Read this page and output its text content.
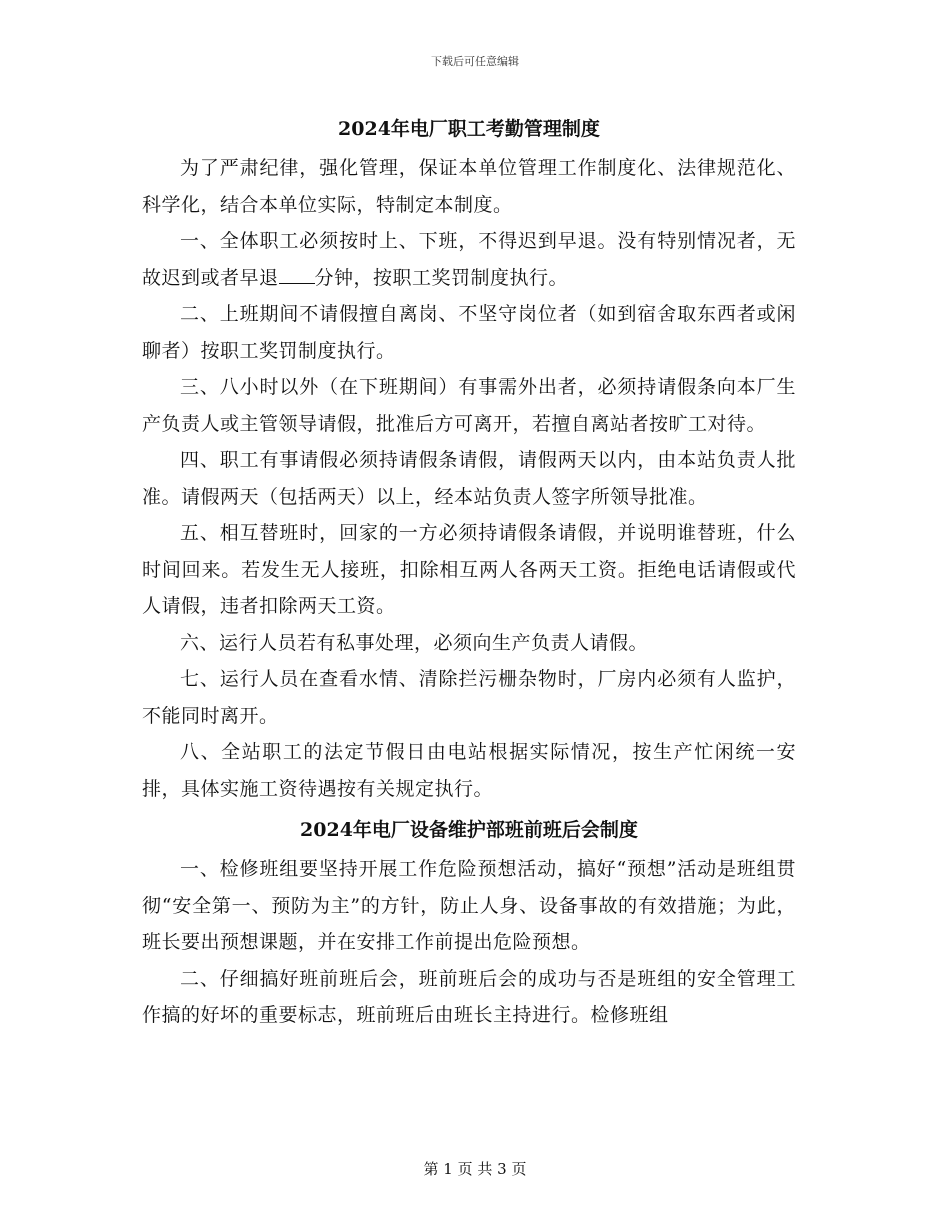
下载后可任意编辑
2024年电厂职工考勤管理制度

为了严肃纪律，强化管理，保证本单位管理工作制度化、法律规范化、科学化，结合本单位实际，特制定本制度。

一、全体职工必须按时上、下班，不得迟到早退。没有特别情况者，无故迟到或者早退 分钟，按职工奖罚制度执行。

二、上班期间不请假擅自离岗、不坚守岗位者（如到宿舍取东西者或闲聊者）按职工奖罚制度执行。

三、八小时以外（在下班期间）有事需外出者，必须持请假条向本厂生产负责人或主管领导请假，批准后方可离开，若擅自离站者按旷工对待。

四、职工有事请假必须持请假条请假，请假两天以内，由本站负责人批准。请假两天（包括两天）以上，经本站负责人签字所领导批准。

五、相互替班时，回家的一方必须持请假条请假，并说明谁替班，什么时间回来。若发生无人接班，扣除相互两人各两天工资。拒绝电话请假或代人请假，违者扣除两天工资。

六、运行人员若有私事处理，必须向生产负责人请假。

七、运行人员在查看水情、清除拦污栅杂物时，厂房内必须有人监护，不能同时离开。

八、全站职工的法定节假日由电站根据实际情况，按生产忙闲统一安排，具体实施工资待遇按有关规定执行。

2024年电厂设备维护部班前班后会制度

一、检修班组要坚持开展工作危险预想活动，搞好“预想”活动是班组贯彻“安全第一、预防为主”的方针，防止人身、设备事故的有效措施；为此，班长要出预想课题，并在安排工作前提出危险预想。

二、仔细搞好班前班后会，班前班后会的成功与否是班组的安全管理工作搞的好坏的重要标志，班前班后由班长主持进行。检修班组

第 1 页 共 3 页
